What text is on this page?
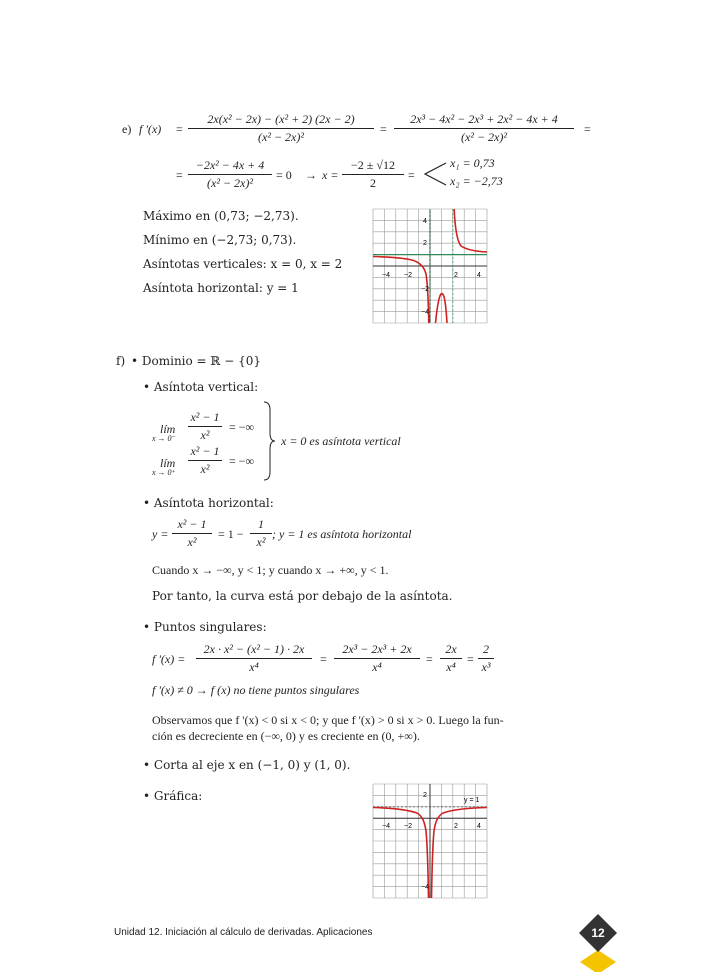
e) f '$(x) = \frac{\text{2x(x² − 2x) − (x² + 2) (2x − 2)}}{\text{(x² − 2x)²}} = \frac{\text{2x³ − 4x² − 2x³ + 2x² − 4x + 4}}{\text{(x² − 2x)²}}$ =
= $\frac{\text{−2x² − 4x + 4}}{\text{(x² − 2x)²}} = 0 \to x = \frac{-2 \pm √12}{2}$ =
x₁ = 0,73
x₂ = −2,73
Máximo en (0,73; −2,73).
Mínimo en (−2,73; 0,73).
Asíntotas verticales: x = 0, x = 2
Asíntota horizontal: y = 1
−4 −2	2	4
4
2
−2
−4
f) • Dominio = ℝ − {0}
• Asíntota vertical:
lím
$x \to 0^- \frac{\text{x² − 1}}{\text{x²}}$ = −∞
lím
$x \to 0^+ \frac{\text{x² − 1}}{\text{x²}}$ = −∞
x = 0 es asíntota vertical
• Asíntota horizontal:
$y = \frac{\text{x² − 1}}{\text{x²}} = 1 - \frac{1}{\text{x²}}$ ; y = 1 es asíntota horizontal
Cuando x → −∞, y < 1; y cuando x → +∞, y < 1.
Por tanto, la curva está por debajo de la asíntota.
• Puntos singulares:
f '$(x) = \frac{\text{2x · x² − (x² − 1) · 2x}}{\text{x⁴}} = \frac{\text{2x³ − 2x³ + 2x}}{\text{x⁴}} = \frac{2x}{\text{x⁴}} = \frac{2}{\text{x³}}$
f '(x) ≠ 0 → f (x) no tiene puntos singulares
Observamos que f '(x) < 0 si x < 0; y que f '(x) > 0 si x > 0. Luego la fun-
ción es decreciente en (−∞, 0) y es creciente en (0, +∞).
• Corta al eje x en (−1, 0) y (1, 0).
• Gráfica:	y = 1
−4 −2	2	4
2
−4
Unidad 12. Iniciación al cálculo de derivadas. Aplicaciones	12
